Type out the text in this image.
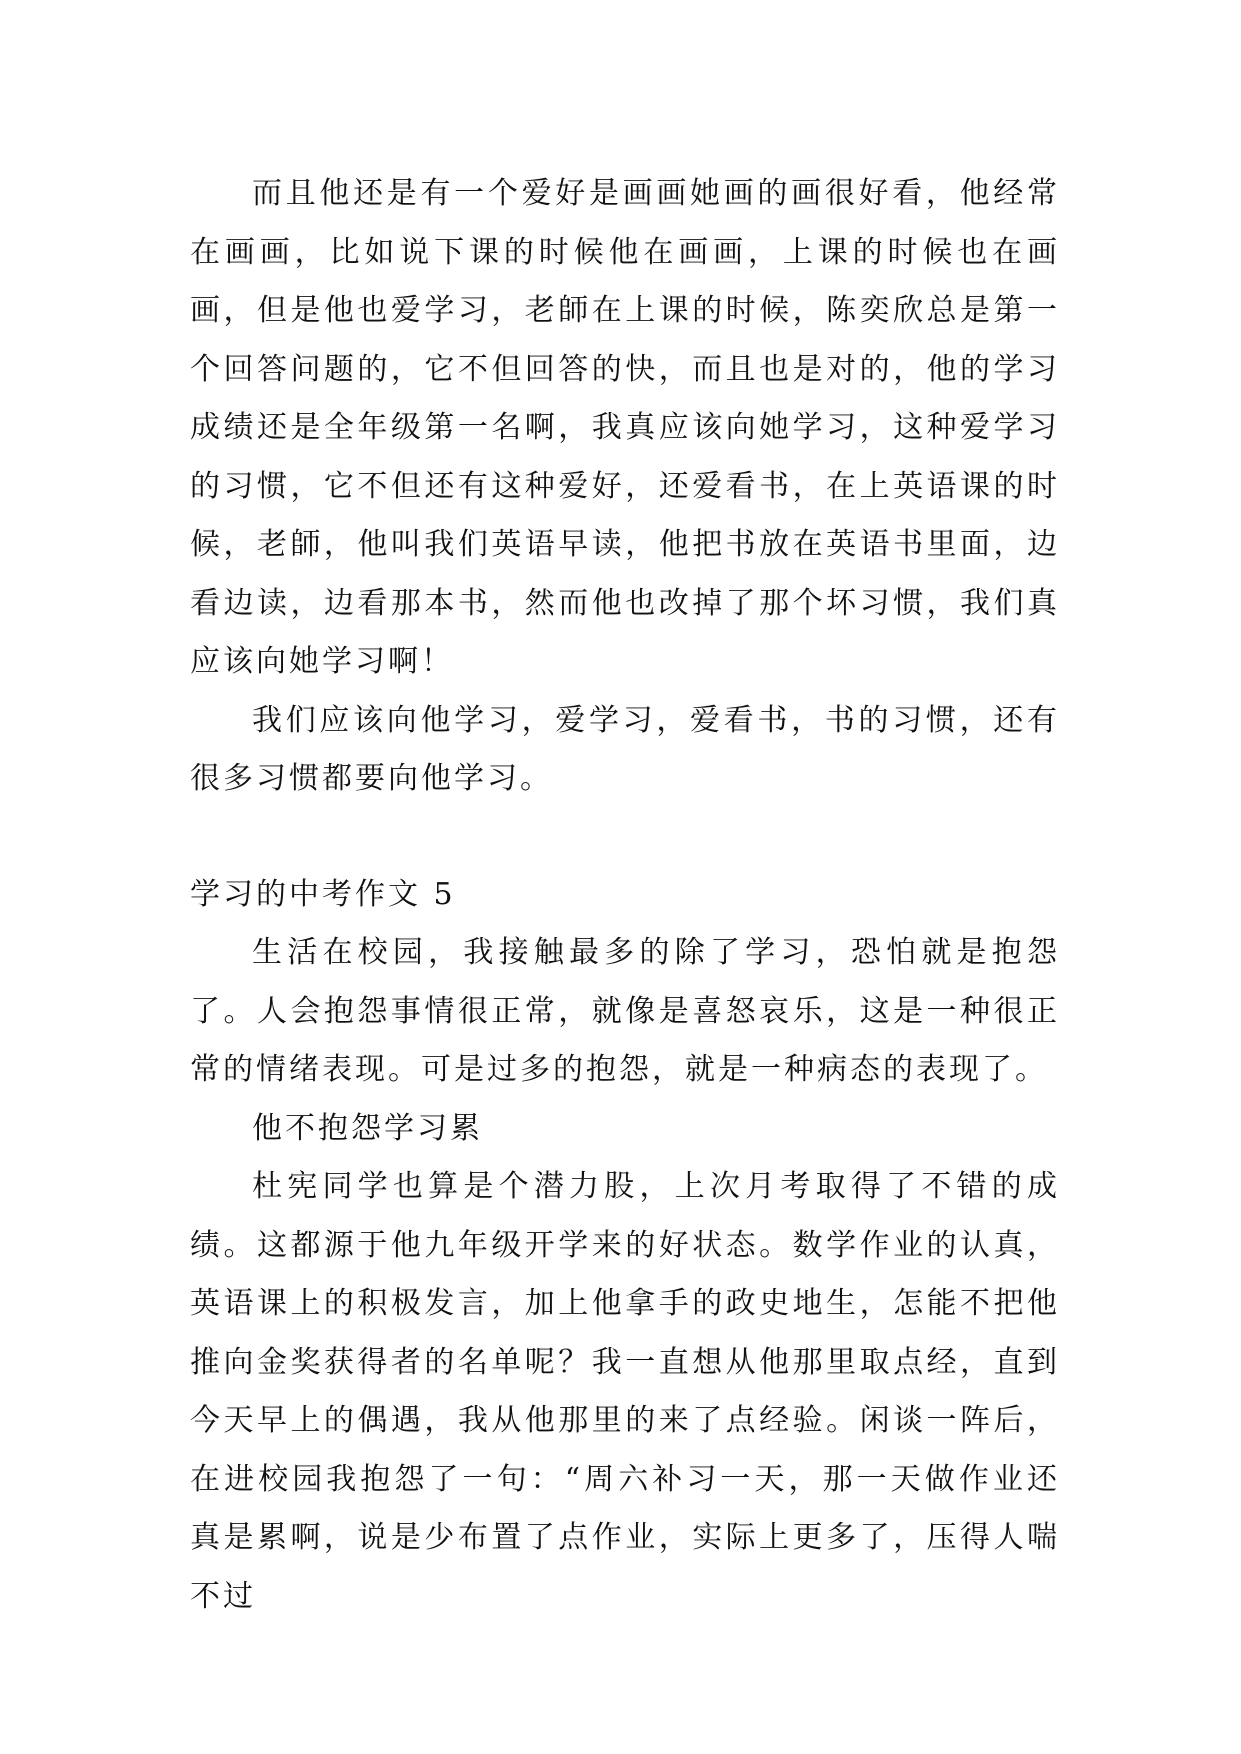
而且他还是有一个爱好是画画她画的画很好看，他经常在画画，比如说下课的时候他在画画，上课的时候也在画画，但是他也爱学习，老師在上课的时候，陈奕欣总是第一个回答问题的，它不但回答的快，而且也是对的，他的学习成绩还是全年级第一名啊，我真应该向她学习，这种爱学习的习惯，它不但还有这种爱好，还爱看书，在上英语课的时候，老師，他叫我们英语早读，他把书放在英语书里面，边看边读，边看那本书，然而他也改掉了那个坏习惯，我们真应该向她学习啊！

我们应该向他学习，爱学习，爱看书，书的习惯，还有很多习惯都要向他学习。

学习的中考作文 5

生活在校园，我接触最多的除了学习，恐怕就是抱怨了。人会抱怨事情很正常，就像是喜怒哀乐，这是一种很正常的情绪表现。可是过多的抱怨，就是一种病态的表现了。

他不抱怨学习累

杜宪同学也算是个潜力股，上次月考取得了不错的成绩。这都源于他九年级开学来的好状态。数学作业的认真，英语课上的积极发言，加上他拿手的政史地生，怎能不把他推向金奖获得者的名单呢？我一直想从他那里取点经，直到今天早上的偶遇，我从他那里的来了点经验。闲谈一阵后，在进校园我抱怨了一句：“周六补习一天，那一天做作业还真是累啊，说是少布置了点作业，实际上更多了，压得人喘不过
